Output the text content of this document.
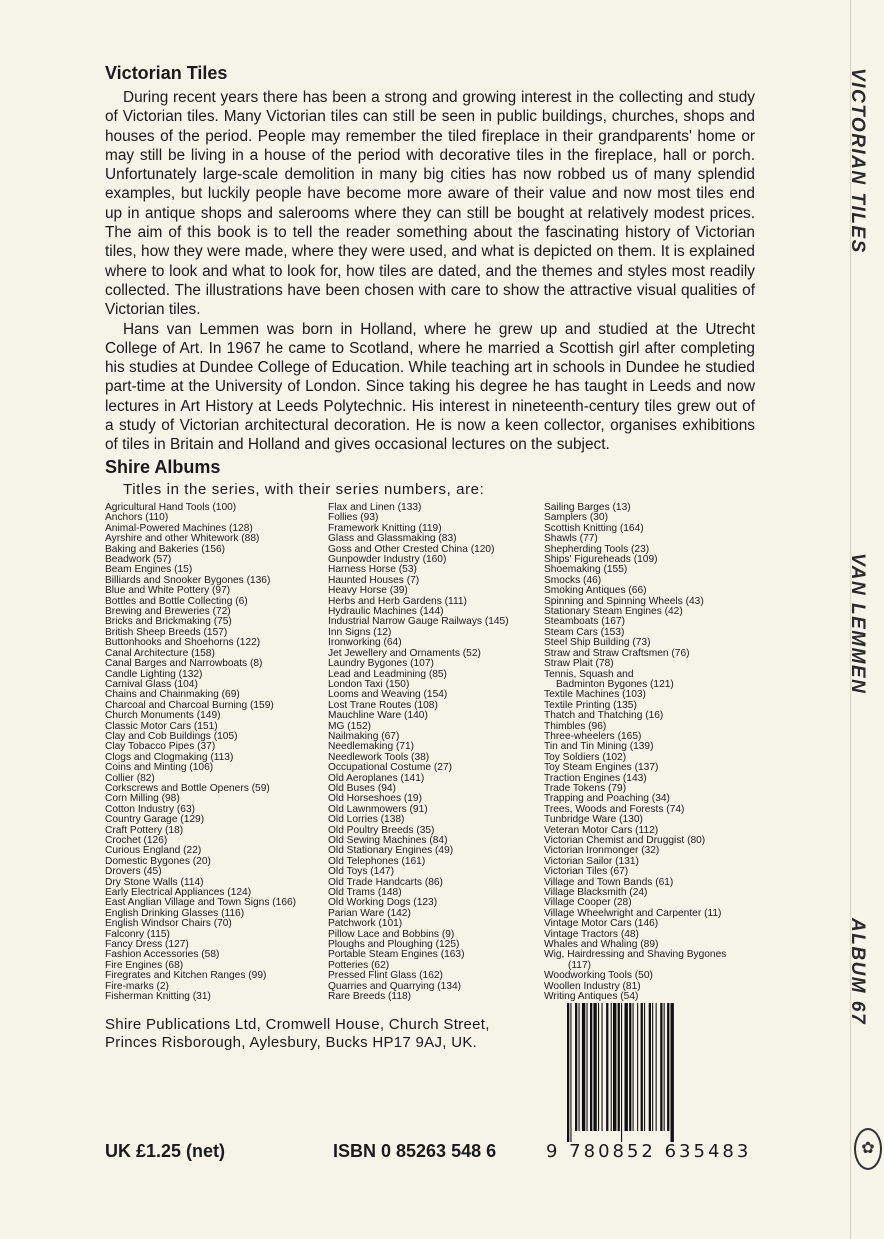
VICTORIAN TILES
VAN LEMMEN
ALBUM 67
✿
Victorian Tiles

During recent years there has been a strong and growing interest in the collecting and study of Victorian tiles. Many Victorian tiles can still be seen in public buildings, churches, shops and houses of the period. People may remember the tiled fireplace in their grandparents' home or may still be living in a house of the period with decorative tiles in the fireplace, hall or porch. Unfortunately large-scale demolition in many big cities has now robbed us of many splendid examples, but luckily people have become more aware of their value and now most tiles end up in antique shops and salerooms where they can still be bought at relatively modest prices. The aim of this book is to tell the reader something about the fascinating history of Victorian tiles, how they were made, where they were used, and what is depicted on them. It is explained where to look and what to look for, how tiles are dated, and the themes and styles most readily collected. The illustrations have been chosen with care to show the attractive visual qualities of Victorian tiles.

Hans van Lemmen was born in Holland, where he grew up and studied at the Utrecht College of Art. In 1967 he came to Scotland, where he married a Scottish girl after completing his studies at Dundee College of Education. While teaching art in schools in Dundee he studied part-time at the University of London. Since taking his degree he has taught in Leeds and now lectures in Art History at Leeds Polytechnic. His interest in nineteenth-century tiles grew out of a study of Victorian architectural decoration. He is now a keen collector, organises exhibitions of tiles in Britain and Holland and gives occasional lectures on the subject.

Shire Albums
Titles in the series, with their series numbers, are:
Agricultural Hand Tools (100)
Anchors (110)
Animal-Powered Machines (128)
Ayrshire and other Whitework (88)
Baking and Bakeries (156)
Beadwork (57)
Beam Engines (15)
Billiards and Snooker Bygones (136)
Blue and White Pottery (97)
Bottles and Bottle Collecting (6)
Brewing and Breweries (72)
Bricks and Brickmaking (75)
British Sheep Breeds (157)
Buttonhooks and Shoehorns (122)
Canal Architecture (158)
Canal Barges and Narrowboats (8)
Candle Lighting (132)
Carnival Glass (104)
Chains and Chainmaking (69)
Charcoal and Charcoal Burning (159)
Church Monuments (149)
Classic Motor Cars (151)
Clay and Cob Buildings (105)
Clay Tobacco Pipes (37)
Clogs and Clogmaking (113)
Coins and Minting (106)
Collier (82)
Corkscrews and Bottle Openers (59)
Corn Milling (98)
Cotton Industry (63)
Country Garage (129)
Craft Pottery (18)
Crochet (126)
Curious England (22)
Domestic Bygones (20)
Drovers (45)
Dry Stone Walls (114)
Early Electrical Appliances (124)
East Anglian Village and Town Signs (166)
English Drinking Glasses (116)
English Windsor Chairs (70)
Falconry (115)
Fancy Dress (127)
Fashion Accessories (58)
Fire Engines (68)
Firegrates and Kitchen Ranges (99)
Fire-marks (2)
Fisherman Knitting (31)
Flax and Linen (133)
Follies (93)
Framework Knitting (119)
Glass and Glassmaking (83)
Goss and Other Crested China (120)
Gunpowder Industry (160)
Harness Horse (53)
Haunted Houses (7)
Heavy Horse (39)
Herbs and Herb Gardens (111)
Hydraulic Machines (144)
Industrial Narrow Gauge Railways (145)
Inn Signs (12)
Ironworking (64)
Jet Jewellery and Ornaments (52)
Laundry Bygones (107)
Lead and Leadmining (85)
London Taxi (150)
Looms and Weaving (154)
Lost Trane Routes (108)
Mauchline Ware (140)
MG (152)
Nailmaking (67)
Needlemaking (71)
Needlework Tools (38)
Occupational Costume (27)
Old Aeroplanes (141)
Old Buses (94)
Old Horseshoes (19)
Old Lawnmowers (91)
Old Lorries (138)
Old Poultry Breeds (35)
Old Sewing Machines (84)
Old Stationary Engines (49)
Old Telephones (161)
Old Toys (147)
Old Trade Handcarts (86)
Old Trams (148)
Old Working Dogs (123)
Parian Ware (142)
Patchwork (101)
Pillow Lace and Bobbins (9)
Ploughs and Ploughing (125)
Portable Steam Engines (163)
Potteries (62)
Pressed Flint Glass (162)
Quarries and Quarrying (134)
Rare Breeds (118)
Sailing Barges (13)
Samplers (30)
Scottish Knitting (164)
Shawls (77)
Shepherding Tools (23)
Ships' Figureheads (109)
Shoemaking (155)
Smocks (46)
Smoking Antiques (66)
Spinning and Spinning Wheels (43)
Stationary Steam Engines (42)
Steamboats (167)
Steam Cars (153)
Steel Ship Building (73)
Straw and Straw Craftsmen (76)
Straw Plait (78)
Tennis, Squash and
Badminton Bygones (121)
Textile Machines (103)
Textile Printing (135)
Thatch and Thatching (16)
Thimbles (96)
Three-wheelers (165)
Tin and Tin Mining (139)
Toy Soldiers (102)
Toy Steam Engines (137)
Traction Engines (143)
Trade Tokens (79)
Trapping and Poaching (34)
Trees, Woods and Forests (74)
Tunbridge Ware (130)
Veteran Motor Cars (112)
Victorian Chemist and Druggist (80)
Victorian Ironmonger (32)
Victorian Sailor (131)
Victorian Tiles (67)
Village and Town Bands (61)
Village Blacksmith (24)
Village Cooper (28)
Village Wheelwright and Carpenter (11)
Vintage Motor Cars (146)
Vintage Tractors (48)
Whales and Whaling (89)
Wig, Hairdressing and Shaving Bygones
(117)
Woodworking Tools (50)
Woollen Industry (81)
Writing Antiques (54)
Shire Publications Ltd, Cromwell House, Church Street, Princes Risborough, Aylesbury, Bucks HP17 9AJ, UK.
UK £1.25 (net)	ISBN 0 85263 548 6	9 780852 635483
